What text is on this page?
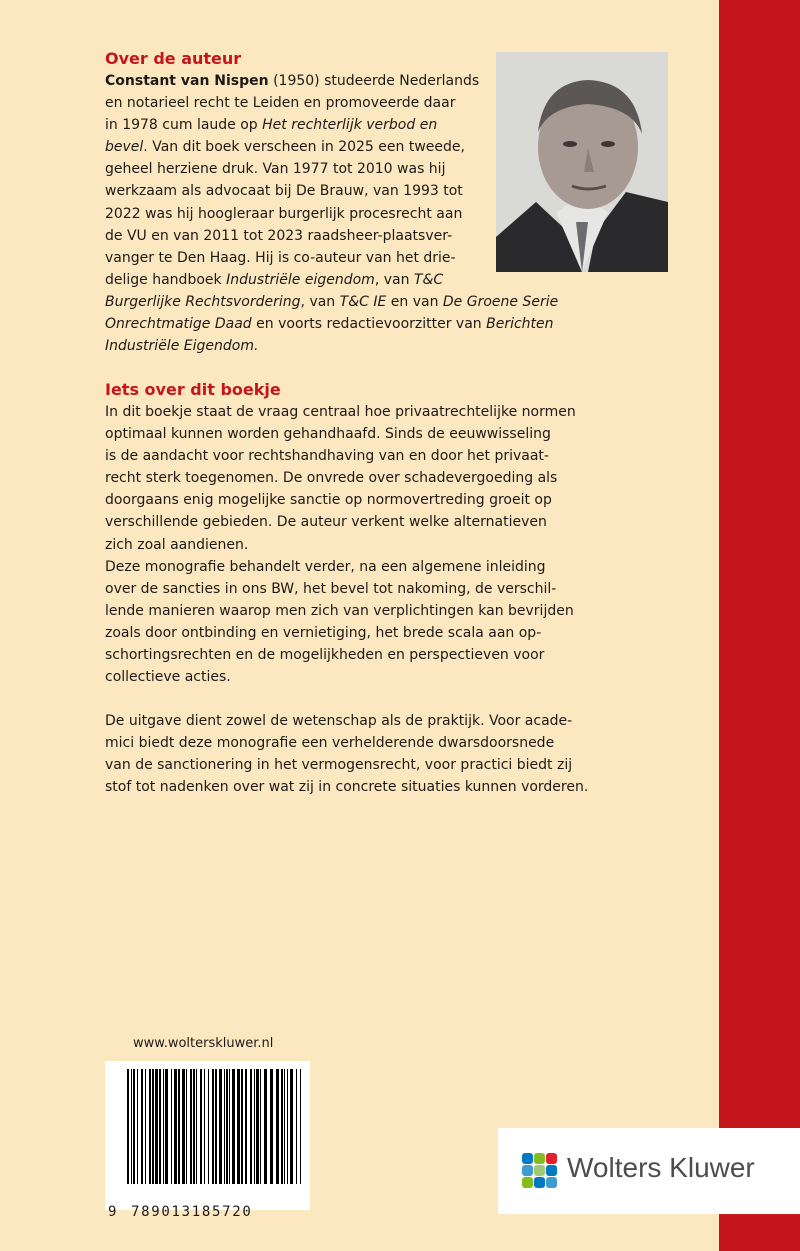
Over de auteur
Constant van Nispen (1950) studeerde Nederlands
en notarieel recht te Leiden en promoveerde daar
in 1978 cum laude op Het rechterlijk verbod en
bevel. Van dit boek verscheen in 2025 een tweede,
geheel herziene druk. Van 1977 tot 2010 was hij
werkzaam als advocaat bij De Brauw, van 1993 tot
2022 was hij hoogleraar burgerlijk procesrecht aan
de VU en van 2011 tot 2023 raadsheer-plaatsver-
vanger te Den Haag. Hij is co-auteur van het drie-
delige handboek Industriële eigendom, van T&C
Burgerlijke Rechtsvordering, van T&C IE en van De Groene Serie
Onrechtmatige Daad en voorts redactievoorzitter van Berichten
Industriële Eigendom.
Iets over dit boekje
In dit boekje staat de vraag centraal hoe privaatrechtelijke normen
optimaal kunnen worden gehandhaafd. Sinds de eeuwwisseling
is de aandacht voor rechtshandhaving van en door het privaat-
recht sterk toegenomen. De onvrede over schadevergoeding als
doorgaans enig mogelijke sanctie op normovertreding groeit op
verschillende gebieden. De auteur verkent welke alternatieven
zich zoal aandienen.
Deze monografie behandelt verder, na een algemene inleiding
over de sancties in ons BW, het bevel tot nakoming, de verschil-
lende manieren waarop men zich van verplichtingen kan bevrijden
zoals door ontbinding en vernietiging, het brede scala aan op-
schortingsrechten en de mogelijkheden en perspectieven voor
collectieve acties.
De uitgave dient zowel de wetenschap als de praktijk. Voor acade-
mici biedt deze monografie een verhelderende dwarsdoorsnede
van de sanctionering in het vermogensrecht, voor practici biedt zij
stof tot nadenken over wat zij in concrete situaties kunnen vorderen.
www.wolterskluwer.nl
9 789013185720
Wolters Kluwer
